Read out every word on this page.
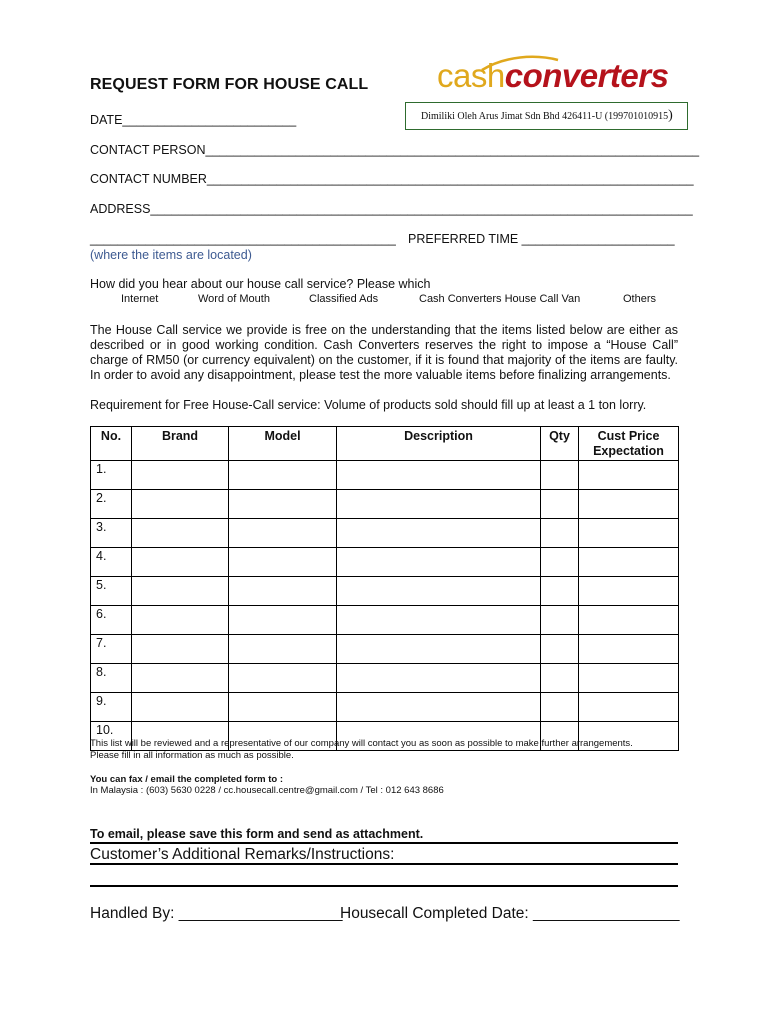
REQUEST FORM FOR HOUSE CALL cashconverters
Dimiliki Oleh Arus Jimat Sdn Bhd 426411-U (199701010915)
DATE_________________________
CONTACT PERSON_______________________________________________________________________
CONTACT NUMBER______________________________________________________________________
ADDRESS______________________________________________________________________________
____________________________________________ PREFERRED TIME ______________________
(where the items are located)
How did you hear about our house call service? Please which
Internet	Word of Mouth	Classified Ads	Cash Converters House Call Van	Others
The House Call service we provide is free on the understanding that the items listed below are either as described or in good working condition. Cash Converters reserves the right to impose a “House Call” charge of RM50 (or currency equivalent) on the customer, if it is found that majority of the items are faulty. In order to avoid any disappointment, please test the more valuable items before finalizing arrangements.
Requirement for Free House-Call service: Volume of products sold should fill up at least a 1 ton lorry.
No.	Brand	Model	Description	Qty	Cust Price Expectation
1.					
2.					
3.					
4.					
5.					
6.					
7.					
8.					
9.					
10.					
This list will be reviewed and a representative of our company will contact you as soon as possible to make further arrangements.
Please fill in all information as much as possible.
You can fax / email the completed form to :
In Malaysia : (603) 5630 0228 / cc.housecall.centre@gmail.com / Tel : 012 643 8686
To email, please save this form and send as attachment.
Customer’s Additional Remarks/Instructions:
Handled By: ___________________
Housecall Completed Date: _________________
